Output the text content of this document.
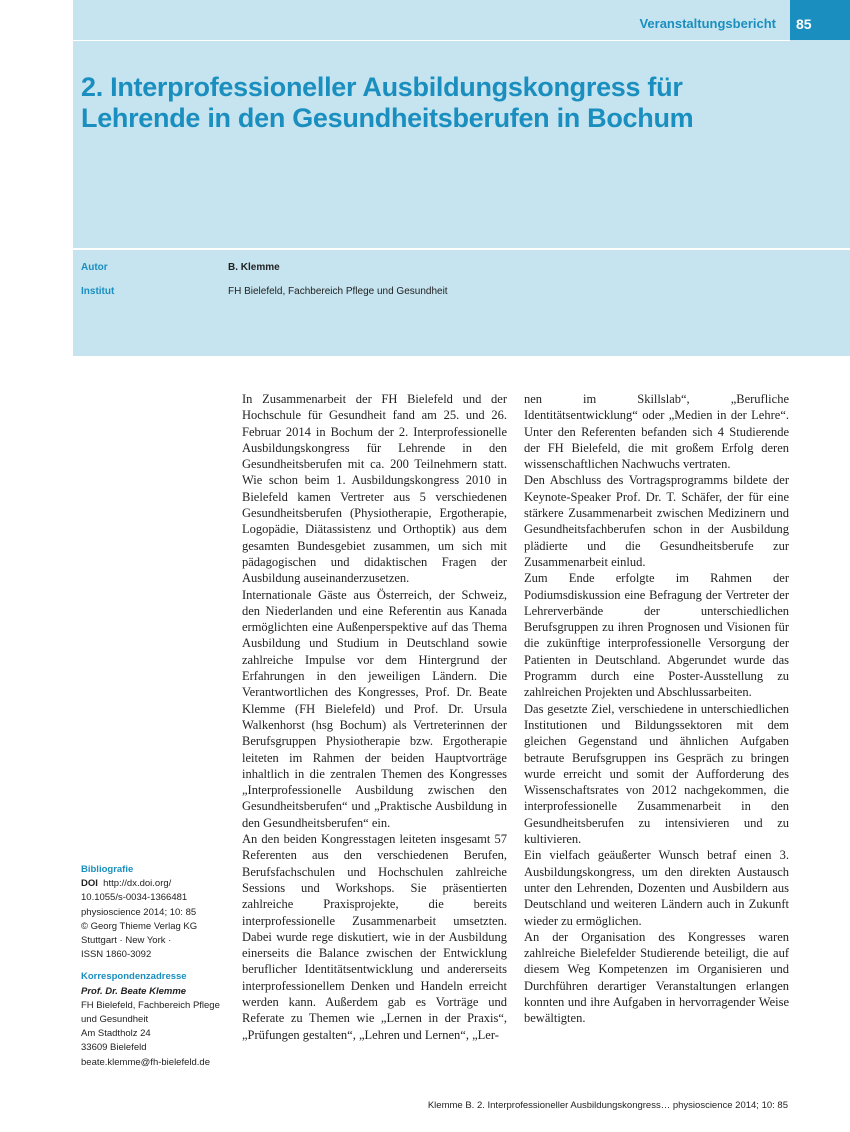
Veranstaltungsbericht	85
2. Interprofessioneller Ausbildungskongress für
Lehrende in den Gesundheitsberufen in Bochum
Autor	B. Klemme
Institut	FH Bielefeld, Fachbereich Pflege und Gesundheit

In Zusammenarbeit der FH Bielefeld und der Hochschule für Gesundheit fand am 25. und 26. Februar 2014 in Bochum der 2. Interprofessionelle Ausbildungskongress für Lehrende in den Gesundheitsberufen mit ca. 200 Teilnehmern statt. Wie schon beim 1. Ausbildungskongress 2010 in Bielefeld kamen Vertreter aus 5 verschiedenen Gesundheitsberufen (Physiotherapie, Ergotherapie, Logopädie, Diätassistenz und Orthoptik) aus dem gesamten Bundesgebiet zusammen, um sich mit pädagogischen und didaktischen Fragen der Ausbildung auseinanderzusetzen.

Internationale Gäste aus Österreich, der Schweiz, den Niederlanden und eine Referentin aus Kanada ermöglichten eine Außenperspektive auf das Thema Ausbildung und Studium in Deutschland sowie zahlreiche Impulse vor dem Hintergrund der Erfahrungen in den jeweiligen Ländern. Die Verantwortlichen des Kongresses, Prof. Dr. Beate Klemme (FH Bielefeld) und Prof. Dr. Ursula Walkenhorst (hsg Bochum) als Vertreterinnen der Berufsgruppen Physiotherapie bzw. Ergotherapie leiteten im Rahmen der beiden Hauptvorträge inhaltlich in die zentralen Themen des Kongresses „Interprofessionelle Ausbildung zwischen den Gesundheitsberufen“ und „Praktische Ausbildung in den Gesundheitsberufen“ ein.

An den beiden Kongresstagen leiteten insgesamt 57 Referenten aus den verschiedenen Berufen, Berufsfachschulen und Hochschulen zahlreiche Sessions und Workshops. Sie präsentierten zahlreiche Praxisprojekte, die bereits interprofessionelle Zusammenarbeit umsetzten. Dabei wurde rege diskutiert, wie in der Ausbildung einerseits die Balance zwischen der Entwicklung beruflicher Identitätsentwicklung und andererseits interprofessionellem Denken und Handeln erreicht werden kann. Außerdem gab es Vorträge und Referate zu Themen wie „Lernen in der Praxis“, „Prüfungen gestalten“, „Lehren und Lernen“, „Ler-

nen im Skillslab“, „Berufliche Identitätsentwicklung“ oder „Medien in der Lehre“. Unter den Referenten befanden sich 4 Studierende der FH Bielefeld, die mit großem Erfolg deren wissenschaftlichen Nachwuchs vertraten.

Den Abschluss des Vortragsprogramms bildete der Keynote-Speaker Prof. Dr. T. Schäfer, der für eine stärkere Zusammenarbeit zwischen Medizinern und Gesundheitsfachberufen schon in der Ausbildung plädierte und die Gesundheitsberufe zur Zusammenarbeit einlud.

Zum Ende erfolgte im Rahmen der Podiumsdiskussion eine Befragung der Vertreter der Lehrerverbände der unterschiedlichen Berufsgruppen zu ihren Prognosen und Visionen für die zukünftige interprofessionelle Versorgung der Patienten in Deutschland. Abgerundet wurde das Programm durch eine Poster-Ausstellung zu zahlreichen Projekten und Abschlussarbeiten.

Das gesetzte Ziel, verschiedene in unterschiedlichen Institutionen und Bildungssektoren mit dem gleichen Gegenstand und ähnlichen Aufgaben betraute Berufsgruppen ins Gespräch zu bringen wurde erreicht und somit der Aufforderung des Wissenschaftsrates von 2012 nachgekommen, die interprofessionelle Zusammenarbeit in den Gesundheitsberufen zu intensivieren und zu kultivieren.

Ein vielfach geäußerter Wunsch betraf einen 3. Ausbildungskongress, um den direkten Austausch unter den Lehrenden, Dozenten und Ausbildern aus Deutschland und weiteren Ländern auch in Zukunft wieder zu ermöglichen.

An der Organisation des Kongresses waren zahlreiche Bielefelder Studierende beteiligt, die auf diesem Weg Kompetenzen im Organisieren und Durchführen derartiger Veranstaltungen erlangen konnten und ihre Aufgaben in hervorragender Weise bewältigten.

Bibliografie
DOI http://dx.doi.org/
10.1055/s-0034-1366481
physioscience 2014; 10: 85
© Georg Thieme Verlag KG
Stuttgart · New York ·
ISSN 1860-3092
Korrespondenzadresse
Prof. Dr. Beate Klemme
FH Bielefeld, Fachbereich Pflege
und Gesundheit
Am Stadtholz 24
33609 Bielefeld
beate.klemme@fh-bielefeld.de
Klemme B. 2. Interprofessioneller Ausbildungskongress… physioscience 2014; 10: 85
